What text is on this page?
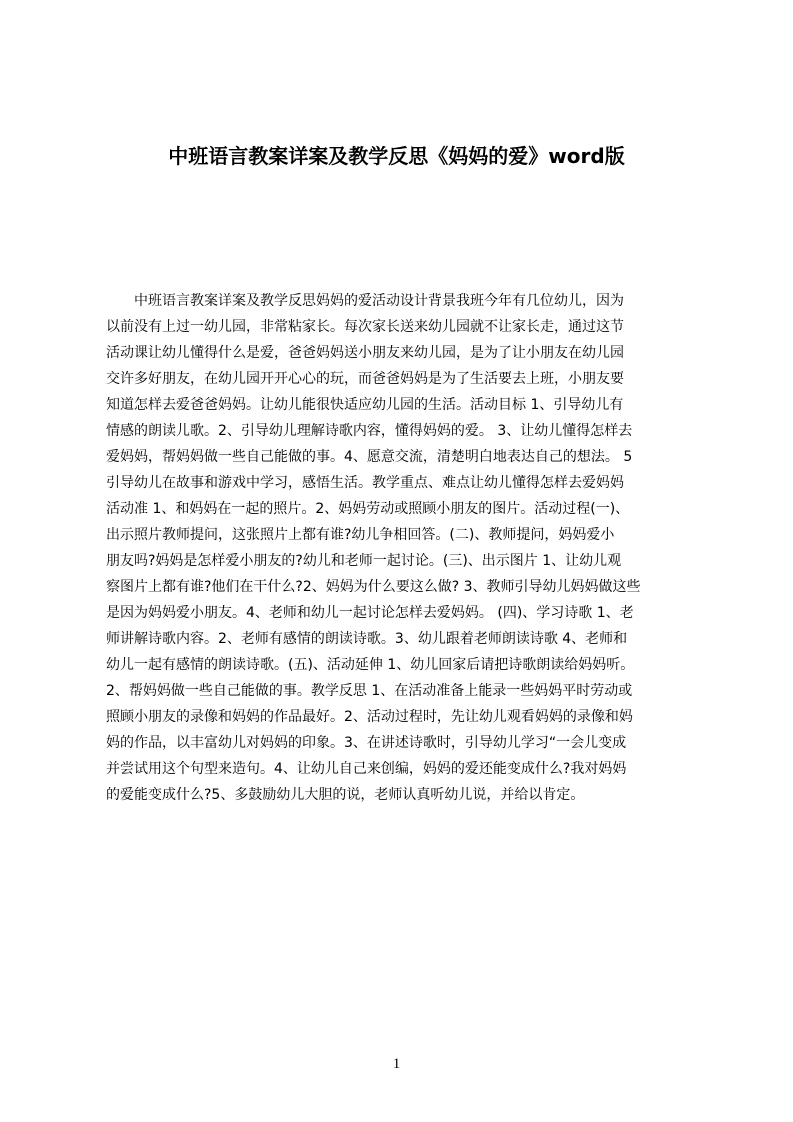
中班语言教案详案及教学反思《妈妈的爱》word版
中班语言教案详案及教学反思妈妈的爱活动设计背景我班今年有几位幼儿，因为
以前没有上过一幼儿园，非常粘家长。每次家长送来幼儿园就不让家长走，通过这节
活动课让幼儿懂得什么是爱，爸爸妈妈送小朋友来幼儿园，是为了让小朋友在幼儿园
交许多好朋友，在幼儿园开开心心的玩，而爸爸妈妈是为了生活要去上班，小朋友要
知道怎样去爱爸爸妈妈。让幼儿能很快适应幼儿园的生活。活动目标 1、引导幼儿有
情感的朗读儿歌。2、引导幼儿理解诗歌内容，懂得妈妈的爱。 3、让幼儿懂得怎样去
爱妈妈，帮妈妈做一些自己能做的事。4、愿意交流，清楚明白地表达自己的想法。 5
引导幼儿在故事和游戏中学习，感悟生活。教学重点、难点让幼儿懂得怎样去爱妈妈
活动准 1、和妈妈在一起的照片。2、妈妈劳动或照顾小朋友的图片。活动过程(一)、
出示照片教师提问，这张照片上都有谁?幼儿争相回答。(二)、教师提问，妈妈爱小
朋友吗?妈妈是怎样爱小朋友的?幼儿和老师一起讨论。(三)、出示图片 1、让幼儿观
察图片上都有谁?他们在干什么?2、妈妈为什么要这么做? 3、教师引导幼儿妈妈做这些
是因为妈妈爱小朋友。4、老师和幼儿一起讨论怎样去爱妈妈。 (四)、学习诗歌 1、老
师讲解诗歌内容。2、老师有感情的朗读诗歌。3、幼儿跟着老师朗读诗歌 4、老师和
幼儿一起有感情的朗读诗歌。(五)、活动延伸 1、幼儿回家后请把诗歌朗读给妈妈听。
2、帮妈妈做一些自己能做的事。教学反思 1、在活动准备上能录一些妈妈平时劳动或
照顾小朋友的录像和妈妈的作品最好。2、活动过程时，先让幼儿观看妈妈的录像和妈
妈的作品，以丰富幼儿对妈妈的印象。3、在讲述诗歌时，引导幼儿学习“一会儿变成
并尝试用这个句型来造句。4、让幼儿自己来创编，妈妈的爱还能变成什么?我对妈妈
的爱能变成什么?5、多鼓励幼儿大胆的说，老师认真听幼儿说，并给以肯定。
1
